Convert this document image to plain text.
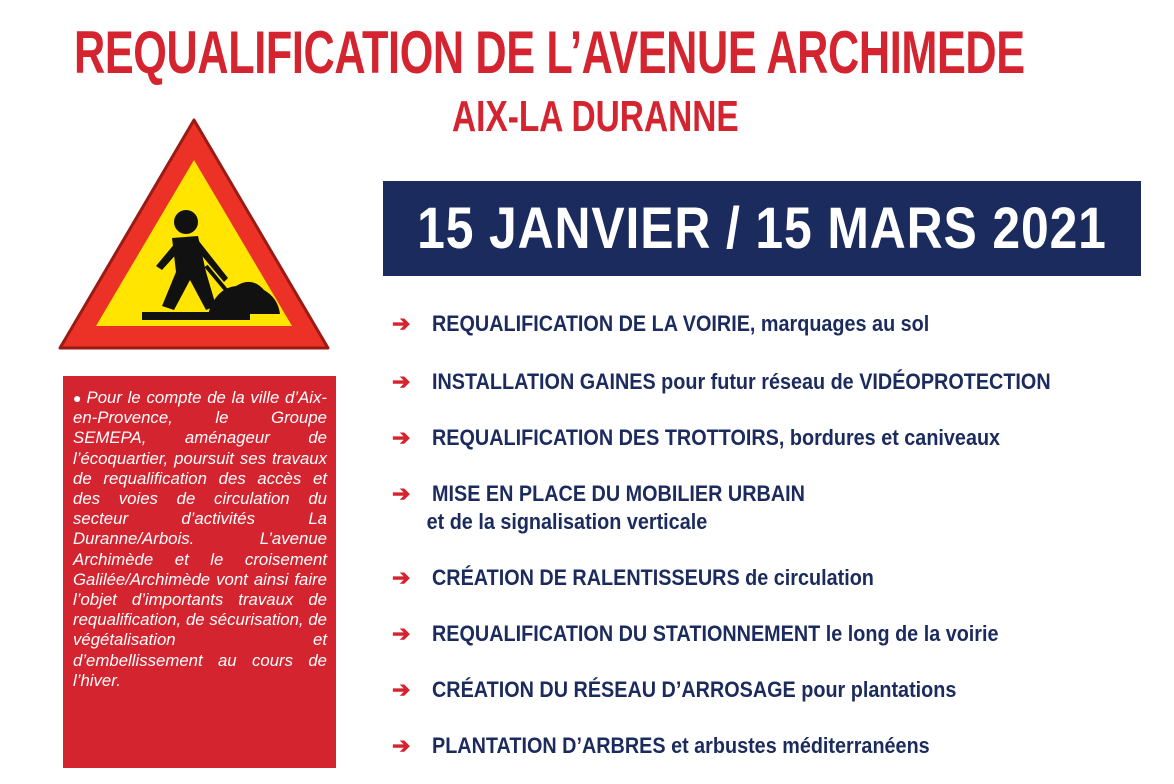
REQUALIFICATION DE L’AVENUE ARCHIMEDE
AIX-LA DURANNE
15 JANVIER / 15 MARS 2021
● Pour le compte de la ville d’Aix-en-Provence, le Groupe SEMEPA, aménageur de l’écoquartier, poursuit ses travaux de requalification des accès et des voies de circulation du secteur d’activités La Duranne/Arbois. L’avenue Archimède et le croisement Galilée/Archimède vont ainsi faire l’objet d’importants travaux de requalification, de sécurisation, de végétalisation et d’embellissement au cours de l’hiver.
➔ REQUALIFICATION DE LA VOIRIE, marquages au sol
➔ INSTALLATION GAINES pour futur réseau de VIDÉOPROTECTION
➔ REQUALIFICATION DES TROTTOIRS, bordures et caniveaux
➔ MISE EN PLACE DU MOBILIER URBAIN
et de la signalisation verticale
➔ CRÉATION DE RALENTISSEURS de circulation
➔ REQUALIFICATION DU STATIONNEMENT le long de la voirie
➔ CRÉATION DU RÉSEAU D’ARROSAGE pour plantations
➔ PLANTATION D’ARBRES et arbustes méditerranéens
